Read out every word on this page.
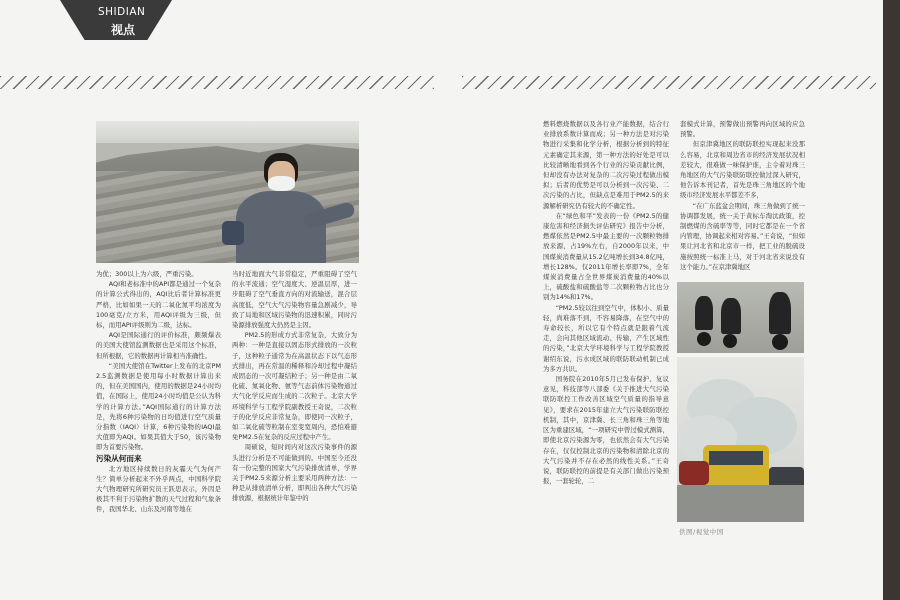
SHIDIAN
视点
供图/视觉中国

为优；300以上为六级，严重污染。

AQI和老标准中的API都是通过一个复杂的计算公式得出的，AQI比后者计算标准更严格，比如如果一天的二氧化氮平均浓度为100毫克/立方米，用AQI评级为三级，但标，而用API评级则为二级，达标。

AQI是国际通行的评价标准，颇频爆表的美国大使馆监测数据也是采用这个标准，但所根据，它的数据再计算相当准确性。

“美国大使馆在Twitter上发布的北京PM2.5监测数据是使用每小时数据计算出来的，但在美国国内，使用的数据是24小时均值，在国际上，使用24小时均值是公认为科学的计算方法。”AQI国际通行的计算方法是，先将6种污染物的日均值进行空气质量分指数（IAQI）计算，6种污染物的IAQI最大值即为AQI。如果其值大于50，该污染物即为首要污染物。

污染从何而来

北方地区持续数日的灰霾天气为何产生？简单分析起来不外乎两点，中国科学院大气物理研究所研究员王跃思表示，外因是极其不利于污染物扩散的天气过程和气象条件，我国华北、山东及河南等地在

当时近地面大气非常稳定，严重阻碍了空气的水平流通；空气湿度大、逆温层厚，进一步阻碍了空气垂直方向的对流输送，混合层高度低，空气大气污染物容量急剧减少，导致了局地和区域污染物的迅速积累，同时污染源排放强度大仍然是主因。

PM2.5的形成方式非常复杂，大致分为两种：一种是直接以固态形式排放的一次粒子，这种粒子通常为在高温状态下以气态形式排出，再在常温的稀释和冷却过程中凝结成固态的一次可凝结粒子；另一种是由二氧化硫、氮氧化物、氨等气态前体污染物通过大气化学反应而生成的二次粒子。北京大学环境科学与工程学院副教授王奇说，二次粒子的化学反应非常复杂，即使同一次粒子，如二氧化硫等粒制在室变宽周内，恐怕难避免PM2.5在复杂的反应过程中产生。

周硕说，短时间内对这次污染事件的源头进行分析是不可能做到的。中国至今还没有一份完整的国家大气污染排放清单，学界关于PM2.5来源分析主要采用两种方法：一种是从排放清单分析，即判出各种大气污染排放源，根据统计年鉴中的

燃料燃烧数据以及各行业产能数据，结合行业排放系数计算而成；另一种方法是对污染物进行采集和化学分析，根据分析到的特征元素确定其来源，第一种方法的好处是可以比较清晰地看到各个行业的污染贡献比例，但却没有办法对复杂的二次污染过程做出模拟；后者的优势是可以分析到一次污染、二次污染的占比，但缺点是难用于PM2.5的来源解析研究仍有较大的不确定性。

在“绿色和平”发表的一份《PM2.5的健康危害和经济损失评估研究》报告中分析，燃煤依然是PM2.5中最主要的一次颗粒物排放来源，占19%左右，自2000年以来，中国煤炭消费量从15.2亿吨增长到34.8亿吨，增长128%。仅2011年增长率即7%，全年煤炭消费量占全世界煤炭消费量的40%以上，硫酸盐和硫酸盐等二次颗粒物占比也分别为14%和17%。

“PM2.5较以往到空气中，体积小、质量轻，尚难落不到，不容易降落，在空气中的寿命较长，所以它有个特点就是跟着气流走，会向其他区域流动、传输，产生区域性的污染，”北京大学环境科学与工程学院教授谢绍东说，污水成区域的联防联动机制已成为多方共识。

国务院在2010年5月已发布保护、复议意见，科技部等八部委《关于推进大气污染联防联控工作改善区域空气质量的指导意见》，要求在2015年建立大气污染联防联控机制，其中，京津冀、长三角和珠三角等地区为重建区域，“一项研究中曾过模式测算，即使北京污染源为零，也依然会有大气污染存在，仅仅控制北京的污染物和清除北京的大气污染并不存在必然的线性关系。”王奇说，联防联控的前提是有关部门做出污染预报，一套轮轮，二

套模式计算，预警做出预警再向区域的应急预警。

但京津冀地区的联防联控实现起来没那么容易，北京和周边省市的经济发展状况相差较大，很难做一味保护谁，主令着对珠三角地区的大气污染联防联控做过深入研究，他告诉本刊记者，首先是珠三角地区的个地级市经济发展水平都差不多，

“在广东蓝盆会期间，珠三角做到了统一协调都发展，统一关于黄标车淘汰政策，控制燃煤的含硫率等等，同时它都是在一个省内管理，协调起来相对容易。”王奇说，“但如果让河北省和北京市一样，把工业的脱硫设施按照统一标准上马，对于河北省来说没有这个能力。”在京津冀地区
